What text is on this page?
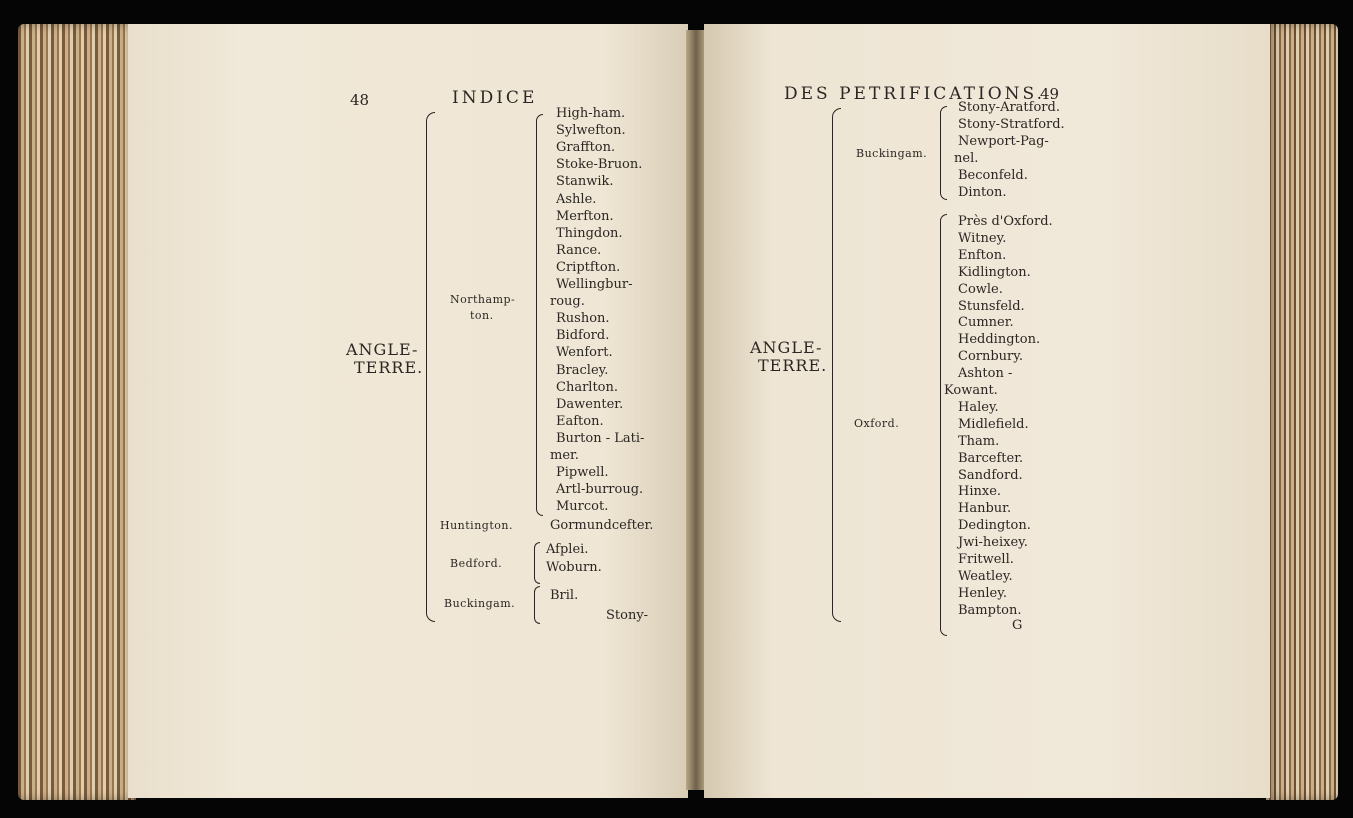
48	INDICE
ANGLE-
TERRE.
Northamp-
ton.
High-ham.
Sylwefton.
Graffton.
Stoke-Bruon.
Stanwik.
Ashle.
Merfton.
Thingdon.
Rance.
Criptfton.
Wellingbur-
roug.
Rushon.
Bidford.
Wenfort.
Bracley.
Charlton.
Dawenter.
Eafton.
Burton - Lati-
mer.
Pipwell.
Artl-burroug.
Murcot.
Huntington.	Gormundcefter.
Bedford.
Afplei.
Woburn.
Buckingam.
Bril.
Stony-
DES PETRIFICATIONS.
49
ANGLE-
TERRE.
Buckingam.
Stony-Aratford.
Stony-Stratford.
Newport-Pag-
nel.
Beconfeld.
Dinton.
Oxford.
Près d'Oxford.
Witney.
Enfton.
Kidlington.
Cowle.
Stunsfeld.
Cumner.
Heddington.
Cornbury.
Ashton -
Kowant.
Haley.
Midlefield.
Tham.
Barcefter.
Sandford.
Hinxe.
Hanbur.
Dedington.
Jwi-heixey.
Fritwell.
Weatley.
Henley.
Bampton.
G
